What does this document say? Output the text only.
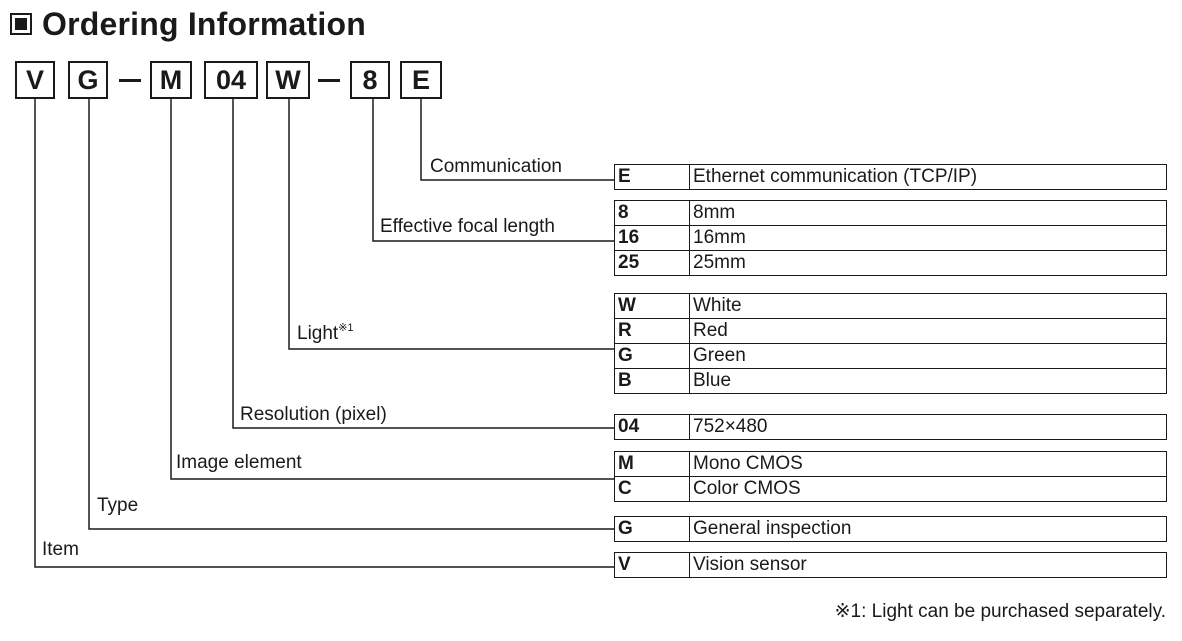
Ordering Information
V	G	M	04	W	8	E
Communication
Effective focal length
Light$^{※1}$
Resolution (pixel)
Image element
Type
Item
E	Ethernet communication (TCP/IP)
8	8mm
16	16mm
25	25mm
W	White
R	Red
G	Green
B	Blue
04	752×480
M	Mono CMOS
C	Color CMOS
G	General inspection
V	Vision sensor
※1: Light can be purchased separately.
